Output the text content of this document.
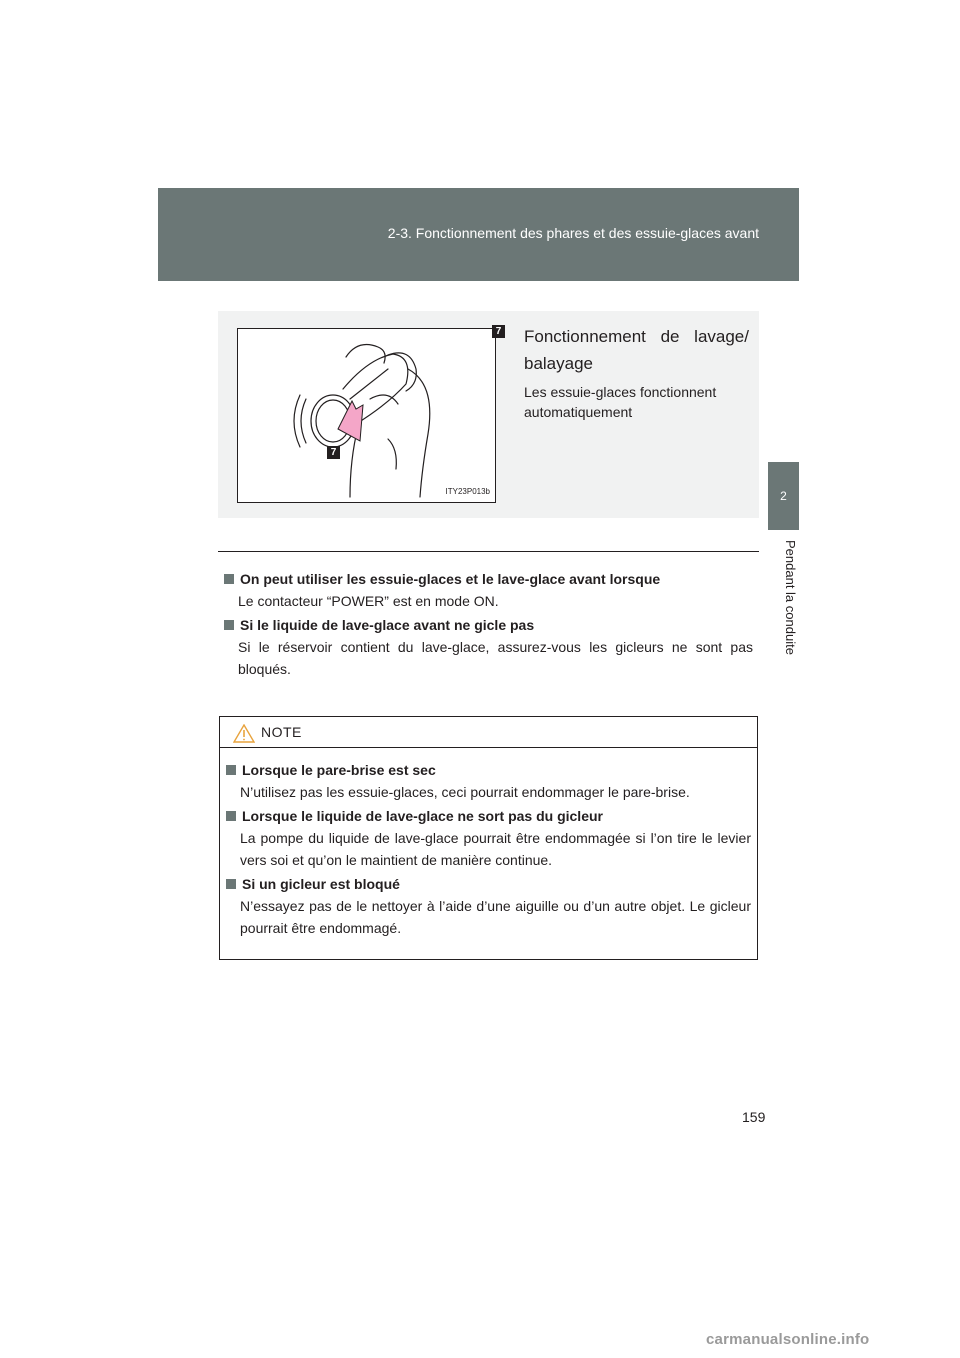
2-3. Fonctionnement des phares et des essuie-glaces avant
2
Pendant la conduite
7
ITY23P013b
7 Fonctionnement de lavage/ balayage
Les essuie-glaces fonctionnent automatiquement

On peut utiliser les essuie-glaces et le lave-glace avant lorsque

Le contacteur “POWER” est en mode ON.

Si le liquide de lave-glace avant ne gicle pas

Si le réservoir contient du lave-glace, assurez-vous les gicleurs ne sont pas bloqués.

NOTE

Lorsque le pare-brise est sec

N’utilisez pas les essuie-glaces, ceci pourrait endommager le pare-brise.

Lorsque le liquide de lave-glace ne sort pas du gicleur

La pompe du liquide de lave-glace pourrait être endommagée si l’on tire le levier vers soi et qu’on le maintient de manière continue.

Si un gicleur est bloqué

N’essayez pas de le nettoyer à l’aide d’une aiguille ou d’un autre objet. Le gicleur pourrait être endommagé.

159
carmanualsonline.info
